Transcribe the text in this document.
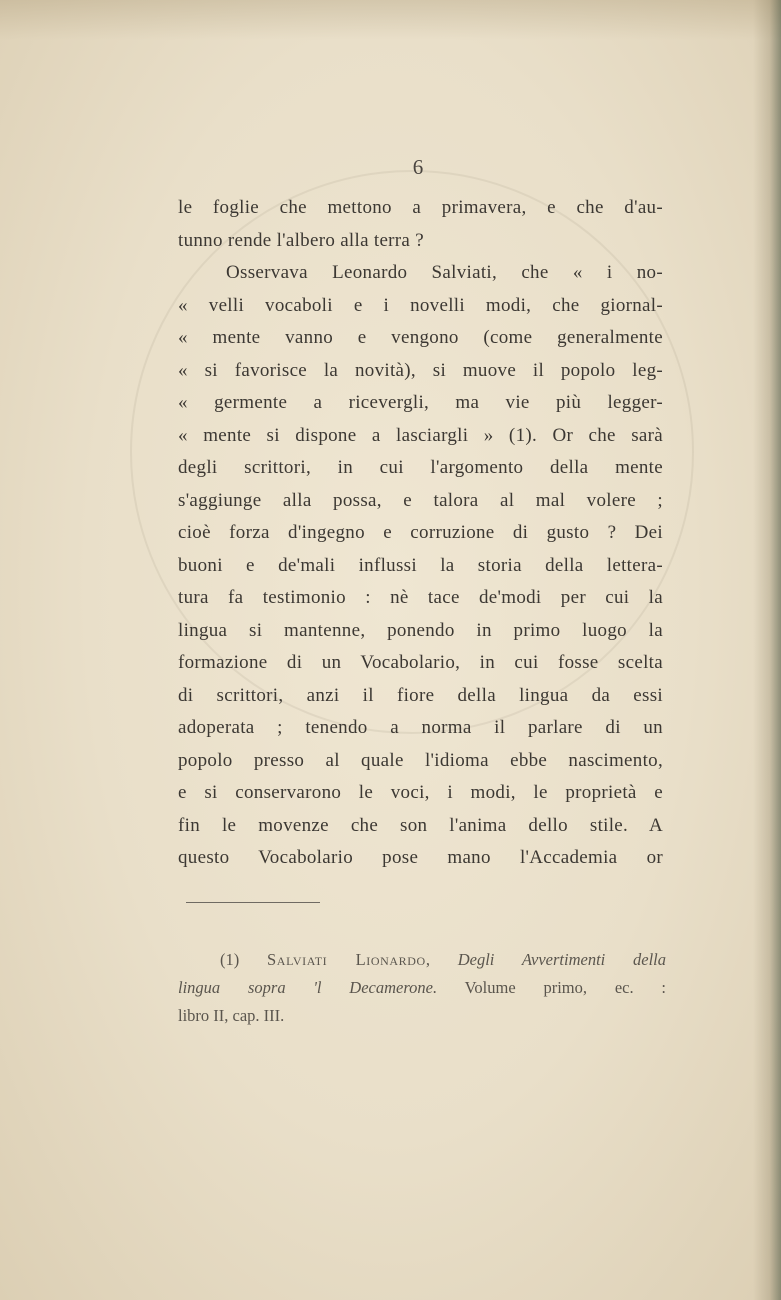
6
le foglie che mettono a primavera, e che d'au-
tunno rende l'albero alla terra ?
Osservava Leonardo Salviati, che « i no-
« velli vocaboli e i novelli modi, che giornal-
« mente vanno e vengono (come generalmente
« si favorisce la novità), si muove il popolo leg-
« germente a ricevergli, ma vie più legger-
« mente si dispone a lasciargli » (1). Or che sarà
degli scrittori, in cui l'argomento della mente
s'aggiunge alla possa, e talora al mal volere ;
cioè forza d'ingegno e corruzione di gusto ? Dei
buoni e de'mali influssi la storia della lettera-
tura fa testimonio : nè tace de'modi per cui la
lingua si mantenne, ponendo in primo luogo la
formazione di un Vocabolario, in cui fosse scelta
di scrittori, anzi il fiore della lingua da essi
adoperata ; tenendo a norma il parlare di un
popolo presso al quale l'idioma ebbe nascimento,
e si conservarono le voci, i modi, le proprietà e
fin le movenze che son l'anima dello stile. A
questo Vocabolario pose mano l'Accademia or
(1) Salviati Lionardo, Degli Avvertimenti della
lingua sopra 'l Decamerone. Volume primo, ec. :
libro II, cap. III.
